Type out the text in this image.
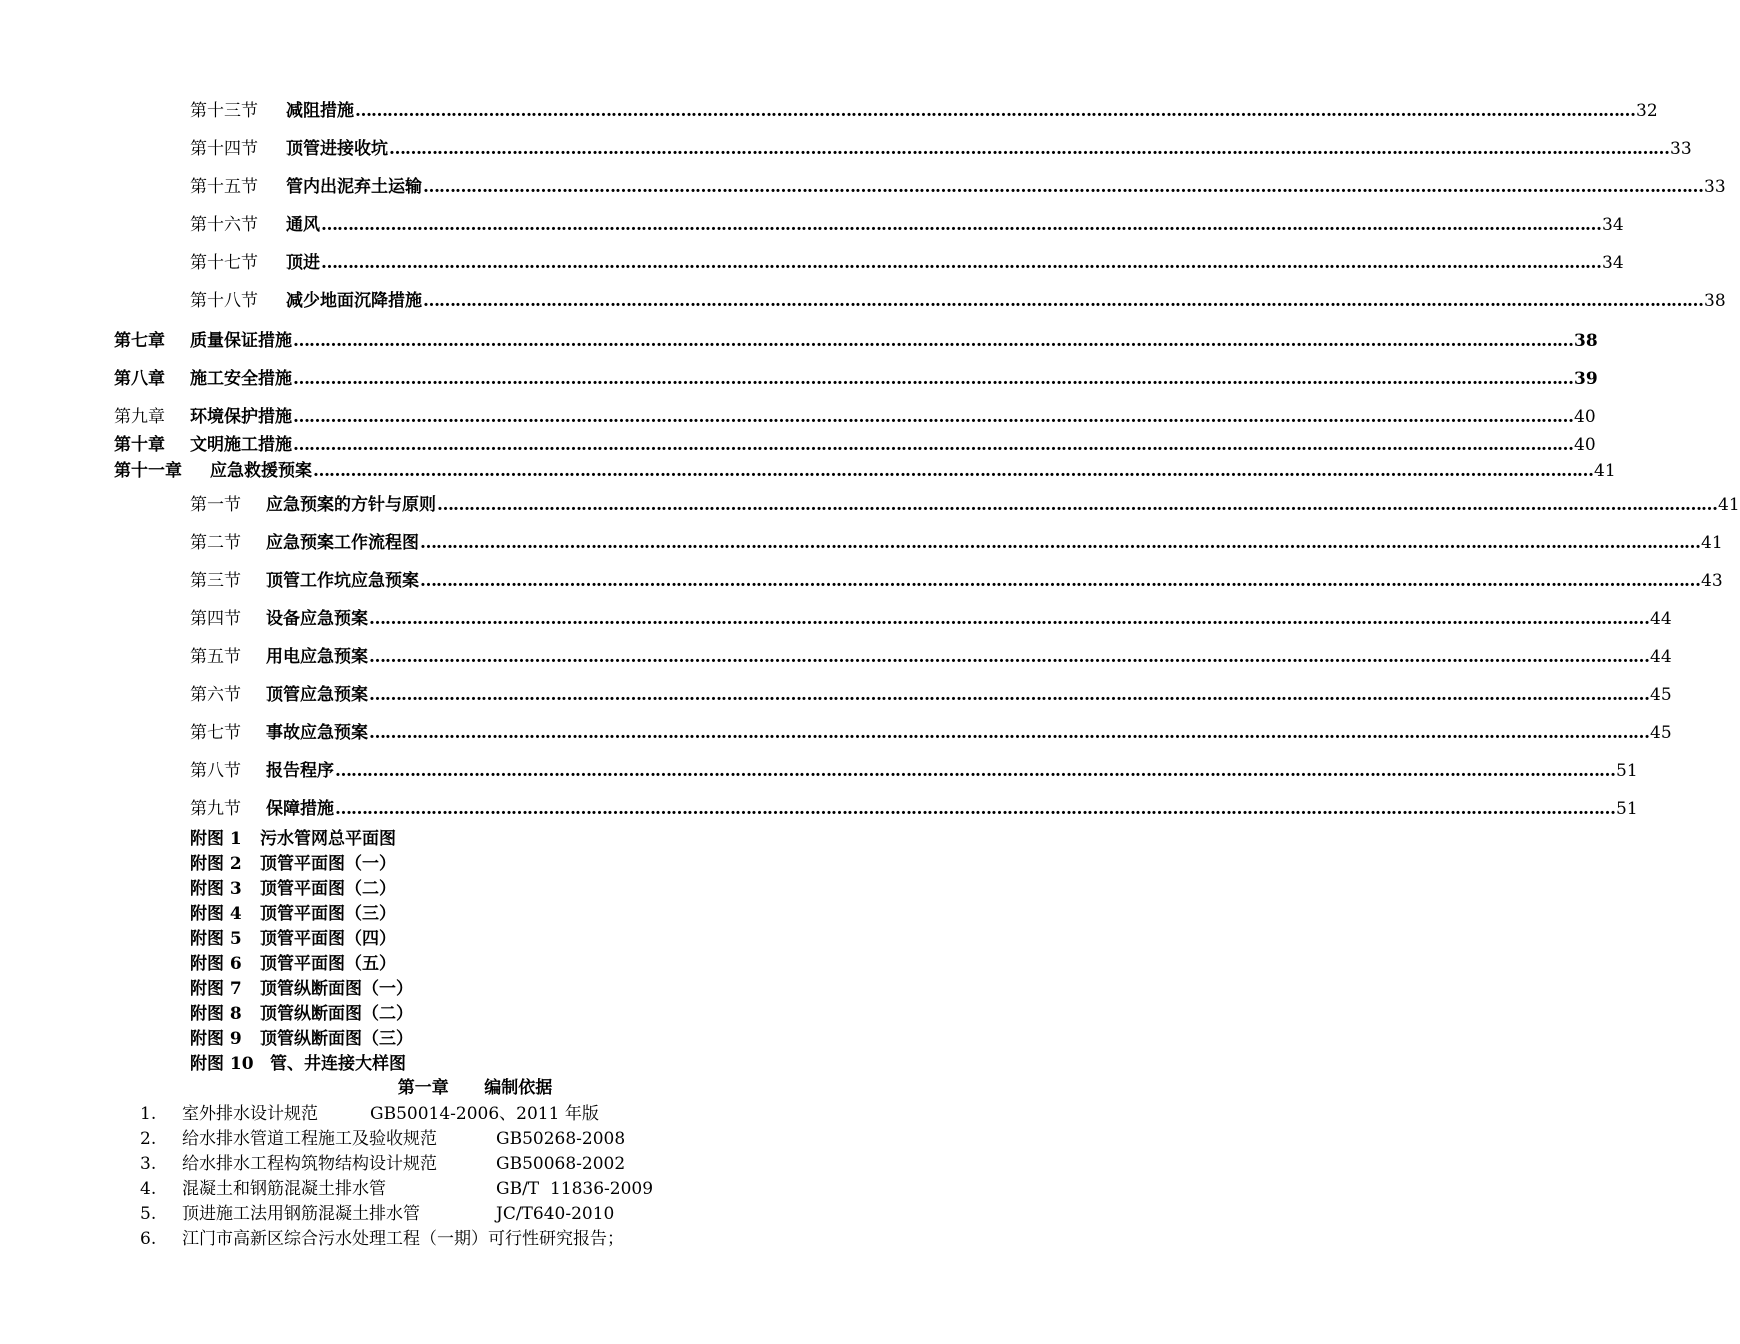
第十三节	减阻措施 …………………………………………………………………………………………………………………………………………………………………………………………………………………… 32
第十四节	顶管进接收坑 …………………………………………………………………………………………………………………………………………………………………………………………………………………… 33
第十五节	管内出泥弃土运输 …………………………………………………………………………………………………………………………………………………………………………………………………………………… 33
第十六节	通风 …………………………………………………………………………………………………………………………………………………………………………………………………………………… 34
第十七节	顶进 …………………………………………………………………………………………………………………………………………………………………………………………………………………… 34
第十八节	减少地面沉降措施 …………………………………………………………………………………………………………………………………………………………………………………………………………………… 38
第七章	质量保证措施 …………………………………………………………………………………………………………………………………………………………………………………………………………………… 38
第八章	施工安全措施 …………………………………………………………………………………………………………………………………………………………………………………………………………………… 39
第九章	环境保护措施 …………………………………………………………………………………………………………………………………………………………………………………………………………………… 40
第十章	文明施工措施 …………………………………………………………………………………………………………………………………………………………………………………………………………………… 40
第十一章	应急救援预案 …………………………………………………………………………………………………………………………………………………………………………………………………………………… 41
第一节	应急预案的方针与原则 …………………………………………………………………………………………………………………………………………………………………………………………………………………… 41
第二节	应急预案工作流程图 …………………………………………………………………………………………………………………………………………………………………………………………………………………… 41
第三节	顶管工作坑应急预案 …………………………………………………………………………………………………………………………………………………………………………………………………………………… 43
第四节	设备应急预案 …………………………………………………………………………………………………………………………………………………………………………………………………………………… 44
第五节	用电应急预案 …………………………………………………………………………………………………………………………………………………………………………………………………………………… 44
第六节	顶管应急预案 …………………………………………………………………………………………………………………………………………………………………………………………………………………… 45
第七节	事故应急预案 …………………………………………………………………………………………………………………………………………………………………………………………………………………… 45
第八节	报告程序 …………………………………………………………………………………………………………………………………………………………………………………………………………………… 51
第九节	保障措施 …………………………………………………………………………………………………………………………………………………………………………………………………………………… 51
附图 1 污水管网总平面图
附图 2 顶管平面图（一）
附图 3 顶管平面图（二）
附图 4 顶管平面图（三）
附图 5 顶管平面图（四）
附图 6 顶管平面图（五）
附图 7 顶管纵断面图（一）
附图 8 顶管纵断面图（二）
附图 9 顶管纵断面图（三）
附图 10 管、井连接大样图
第一章      编制依据
1. 室外排水设计规范	GB50014-2006、2011 年版
2. 给水排水管道工程施工及验收规范	GB50268-2008
3. 给水排水工程构筑物结构设计规范	GB50068-2002
4. 混凝土和钢筋混凝土排水管	GB/T  11836-2009
5. 顶进施工法用钢筋混凝土排水管	JC/T640-2010
6. 江门市高新区综合污水处理工程（一期）可行性研究报告；
